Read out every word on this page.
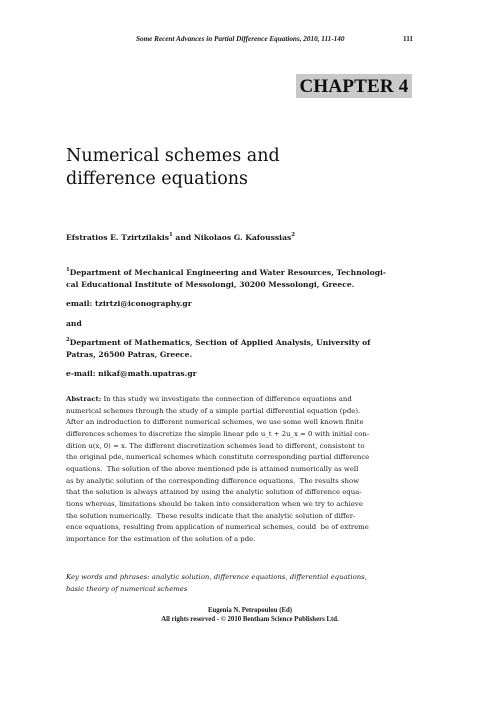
Some Recent Advances in Partial Difference Equations, 2010, 111-140	111
CHAPTER 4
Numerical schemes and
difference equations
Efstratios E. Tzirtzilakis$^1$ and Nikolaos G. Kafoussias$^2$
$^1$Department of Mechanical Engineering and Water Resources, Technologi-
cal Educational Institute of Messolongi, 30200 Messolongi, Greece.
email: tzirtzi@iconography.gr
and
$^2$Department of Mathematics, Section of Applied Analysis, University of
Patras, 26500 Patras, Greece.
e-mail: nikaf@math.upatras.gr
Abstract: In this study we investigate the connection of difference equations and
numerical schemes through the study of a simple partial differential equation (pde).
After an indroduction to different numerical schemes, we use some well known finite
differences schemes to discretize the simple linear pde u_t + 2u_x = 0 with initial con-
dition u(x, 0) = x. The different discretization schemes lead to different, consistent to
the original pde, numerical schemes which constitute corresponding partial difference
equations.  The solution of the above mentioned pde is attained numerically as well
as by analytic solution of the corresponding difference equations.  The results show
that the solution is always attained by using the analytic solution of difference equa-
tions whereas, limitations should be taken into consideration when we try to achieve
the solution numerically.  These results indicate that the analytic solution of differ-
ence equations, resulting from application of numerical schemes, could  be of extreme
importance for the estimation of the solution of a pde.
Key words and phrases: analytic solution, difference equations, differential equations,
basic theory of numerical schemes
Eugenia N. Petropoulou (Ed)
All rights reserved - © 2010 Bentham Science Publishers Ltd.
